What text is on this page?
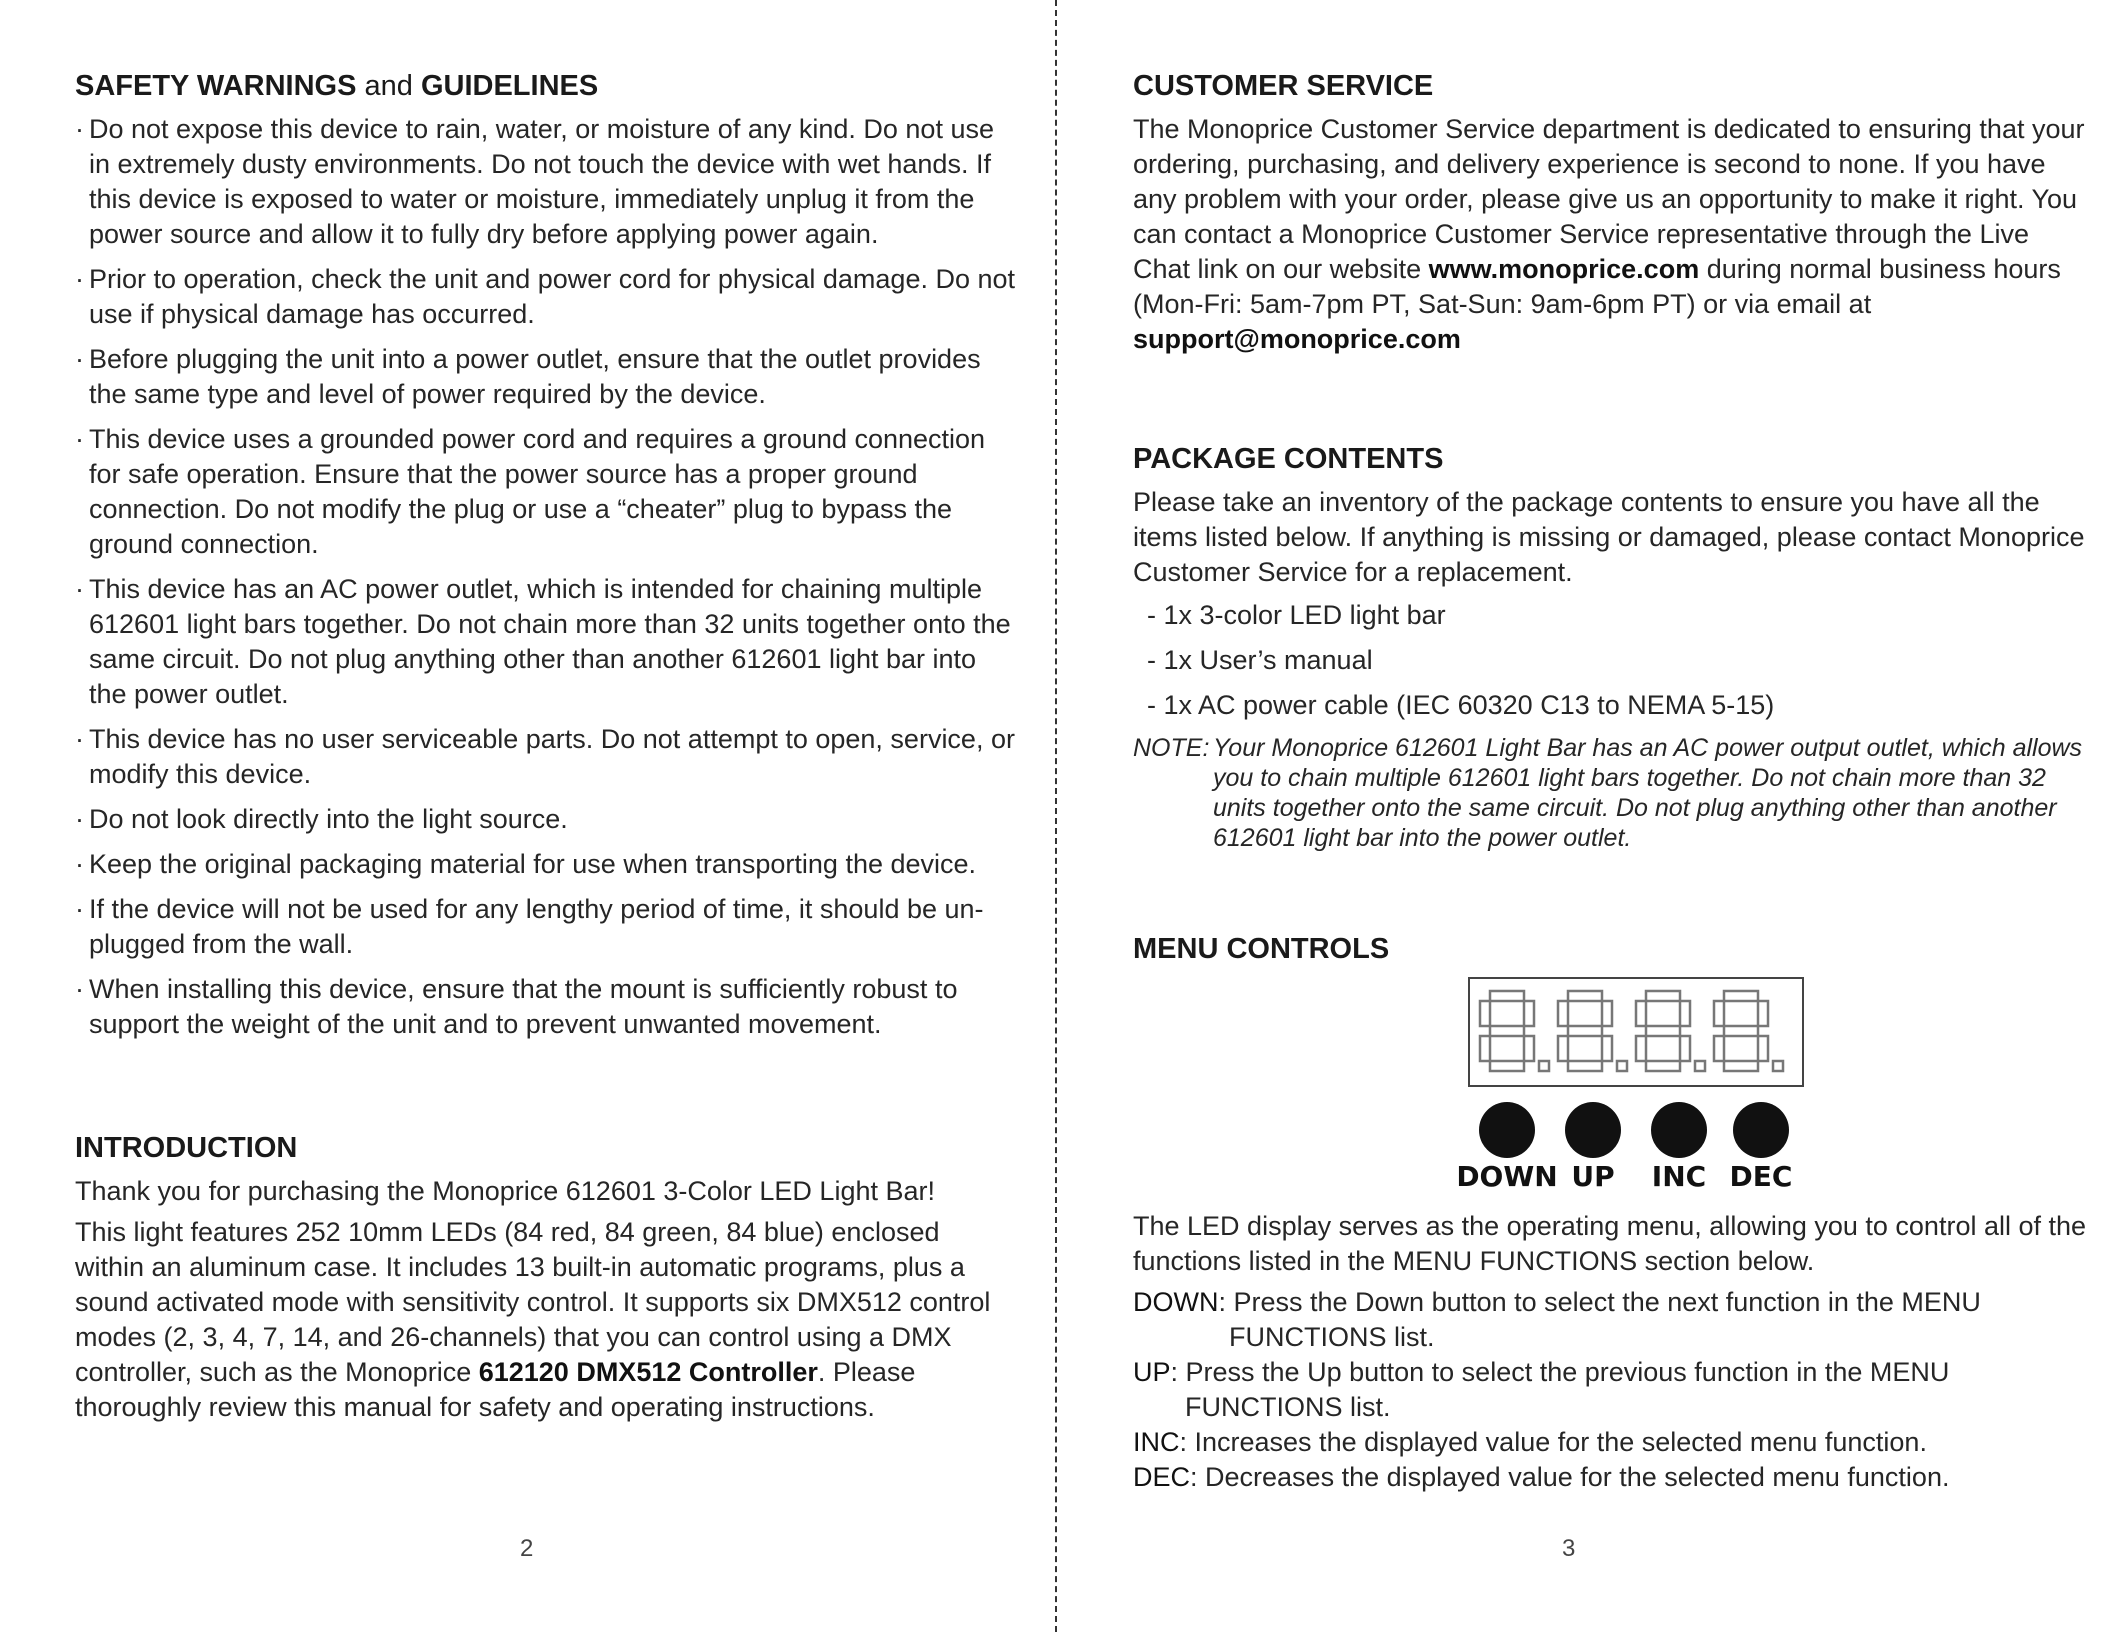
SAFETY WARNINGS and GUIDELINES
· Do not expose this device to rain, water, or moisture of any kind. Do not use in extremely dusty environments. Do not touch the device with wet hands. If this device is exposed to water or moisture, immediately unplug it from the power source and allow it to fully dry before applying power again.
· Prior to operation, check the unit and power cord for physical damage. Do not use if physical damage has occurred.
· Before plugging the unit into a power outlet, ensure that the outlet provides the same type and level of power required by the device.
· This device uses a grounded power cord and requires a ground connection for safe operation. Ensure that the power source has a proper ground connection. Do not modify the plug or use a “cheater” plug to bypass the ground connection.
· This device has an AC power outlet, which is intended for chaining multiple 612601 light bars together. Do not chain more than 32 units together onto the same circuit. Do not plug anything other than another 612601 light bar into the power outlet.
· This device has no user serviceable parts. Do not attempt to open, service, or modify this device.
· Do not look directly into the light source.
· Keep the original packaging material for use when transporting the device.
· If the device will not be used for any lengthy period of time, it should be un-plugged from the wall.
· When installing this device, ensure that the mount is sufficiently robust to support the weight of the unit and to prevent unwanted movement.
INTRODUCTION

Thank you for purchasing the Monoprice 612601 3-Color LED Light Bar!

This light features 252 10mm LEDs (84 red, 84 green, 84 blue) enclosed within an aluminum case. It includes 13 built-in automatic programs, plus a sound activated mode with sensitivity control. It supports six DMX512 control modes (2, 3, 4, 7, 14, and 26-channels) that you can control using a DMX controller, such as the Monoprice 612120 DMX512 Controller. Please thoroughly review this manual for safety and operating instructions.

2
CUSTOMER SERVICE

The Monoprice Customer Service department is dedicated to ensuring that your ordering, purchasing, and delivery experience is second to none. If you have any problem with your order, please give us an opportunity to make it right. You can contact a Monoprice Customer Service representative through the Live Chat link on our website www.monoprice.com during normal business hours (Mon-Fri: 5am-7pm PT, Sat-Sun: 9am-6pm PT) or via email at support@monoprice.com

PACKAGE CONTENTS

Please take an inventory of the package contents to ensure you have all the items listed below. If anything is missing or damaged, please contact Monoprice Customer Service for a replacement.

- 1x 3-color LED light bar
- 1x User’s manual
- 1x AC power cable (IEC 60320 C13 to NEMA 5-15)
NOTE: Your Monoprice 612601 Light Bar has an AC power output outlet, which allows you to chain multiple 612601 light bars together. Do not chain more than 32 units together onto the same circuit. Do not plug anything other than another 612601 light bar into the power outlet.
MENU CONTROLS
DOWN UP	INC DEC

The LED display serves as the operating menu, allowing you to control all of the functions listed in the MENU FUNCTIONS section below.

DOWN: Press the Down button to select the next function in the MENU FUNCTIONS list.
UP: Press the Up button to select the previous function in the MENU FUNCTIONS list.
INC: Increases the displayed value for the selected menu function.
DEC: Decreases the displayed value for the selected menu function.
3
